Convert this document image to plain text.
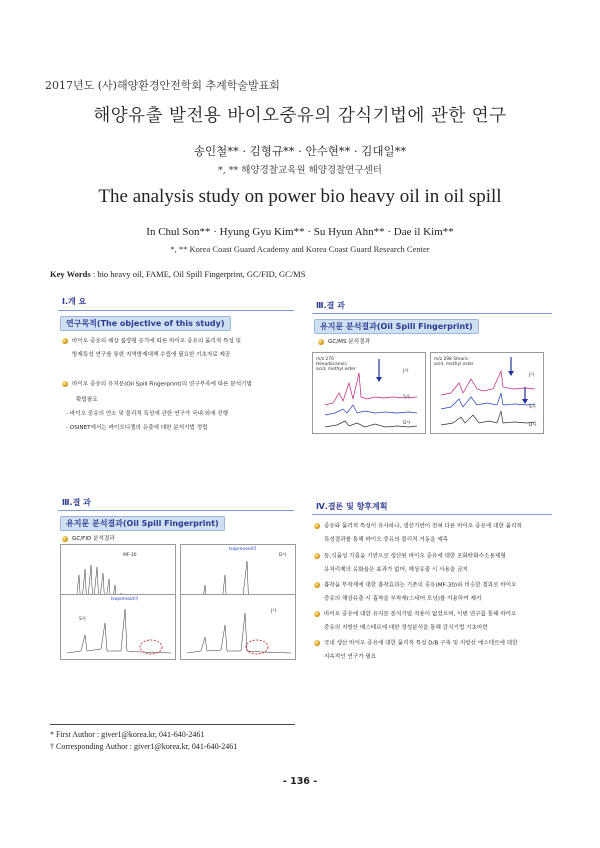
2017년도 (사)해양환경안전학회 추계학술발표회
해양유출 발전용 바이오중유의 감식기법에 관한 연구
송인철** · 김형규** · 안수현** · 김대일**
*, ** 해양경찰교육원 해양경찰연구센터
The analysis study on power bio heavy oil in oil spill
In Chul Son** · Hyung Gyu Kim** · Su Hyun Ahn** · Dae il Kim**
*, ** Korea Coast Guard Academy and Korea Coast Guard Research Center
Key Words : bio heavy oil, FAME, Oil Spill Fingerprint, GC/FID, GC/MS
Ⅰ.개 요
연구목적(The objective of this study)
바이오 중유의 해상 불량형 증가에 따른 바이오 중유의 물리적 특성 및
방제특성 연구를 통한 지역방재대책 수립에 필요한 기초자료 제공
바이오 중유의 유지문(Oil Spill Fingerprint)의 연구부족에 따른 분석기법
확립필요
- 바이오 중유의 연소 및 물리적 특성에 관한 연구가 국내·외에 진행
- OSINET에서는 바이오디젤의 유출에 대한 분석기법 정립
Ⅲ.결 과
유지문 분석결과(Oil Spill Fingerprint)
GC/MS 분석결과
m/z 270 Hexadecanoic acid, methyl ester	J사
S사
D사
m/z 298 Stearic acid, methyl ester
J사
S사
D사
Ⅲ.결 과
유지문 분석결과(Oil Spill Fingerprint)
GC/FID 분석결과
MF-30
Isoprenoid비
D사
Isoprenoid비
S사
J사
Ⅳ.결론 및 향후계획
중유와 물리적 특성이 유사하나, 생산기반이 전혀 다른 바이오 중유에 대한 물리적
특성결과를 통해 바이오 중유의 물리적 거동을 예측
동,식물성 기름을 기반으로 생산된 바이오 중유에 대한 포화탄화수소용제형
유처리제의 유화율은 효과가 없어, 해상유출 시 사용을 금지
흡착을 부착재에 대한 흡착효과는 기존의 중유(MF-30)와 비슷한 결과로 바이오
중유의 해상유출 시 흡착을 부착재(스네어 모닝)를 이용하여 제거
바이오 중유에 대한 유지문 분석기법 적용이 없었으며, 이번 연구를 통해 바이오
중유의 지방산 메스테르에 대한 정성분석을 통해 감식기법 기초마련
국내 생산 바이오 중유에 대한 물리적 특성 D/B 구축 및 지방산 에스테르에 대한
지속적인 연구가 필요
* First Author : giver1@korea.kr, 041-640-2461
† Corresponding Author : giver1@korea.kr, 041-640-2461
- 136 -
